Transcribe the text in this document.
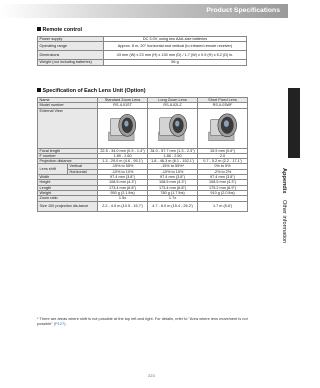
Product Specifications
Appendix
Other information
Remote control
Power supply	DC 3.0V, using two AAA-size batteries
Operating range	Approx. 8 m, 20° horizontal and vertical (to infrared remote receiver)
Dimensions	43 mm (W) x 23 mm (H) x 130 mm (D) / 1.7 (W) x 0.9 (H) x 5.2 (D) in.
Weight (not including batteries)	56 g
Specification of Each Lens Unit (Option)
Name		Standard Zoom Lens	Long Zoom Lens	Short Fixed Lens
Model number		RS-IL01ST	RS-IL02LZ	RS-IL03WF
External View			
Focal length		22.5 - 34.0 mm (0.9 - 1.4")	34.0 - 57.7 mm (1.3 - 2.3")	15.9 mm (0.6")
F number		1.89 - 2.60	1.86 - 2.50	2.0
Projection distance		1.3 - 29.0 m (4.6 - 95.1')	1.8 - 46.3 m (6.1 - 152.1')	0.7 - 5.2 m (2.2 - 17.1')
Lens shift	Vertical	-15% to 55%	-15% to 55%*	0% to 5%
	Horizontal	-10% to 10%	-10% to 10%	-2% to 2%
Width		97.4 mm (3.8")	97.4 mm (3.8")	97.4 mm (3.8")
Height		108.5 mm (4.3")	108.5 mm (4.3")	108.5 mm (4.3")
Length		173.4 mm (6.8")	173.4 mm (6.8")	175.2 mm (6.9")
Weight		950 g (2.1 lbs)	780 g (1.7 lbs)	910 g (2.0 lbs)
Zoom ratio		1.5x	1.7x	-
Size 100 projection dis-tance		2.2 - 4.9 m (10.5 - 15.7')	4.7 - 8.0 m (15.4 - 26.2')	1.7 m (5.6')
* There are areas where shift is not possible at the top left and right. For details, refer to "Area where lens movement is not possible" (P127).
223
